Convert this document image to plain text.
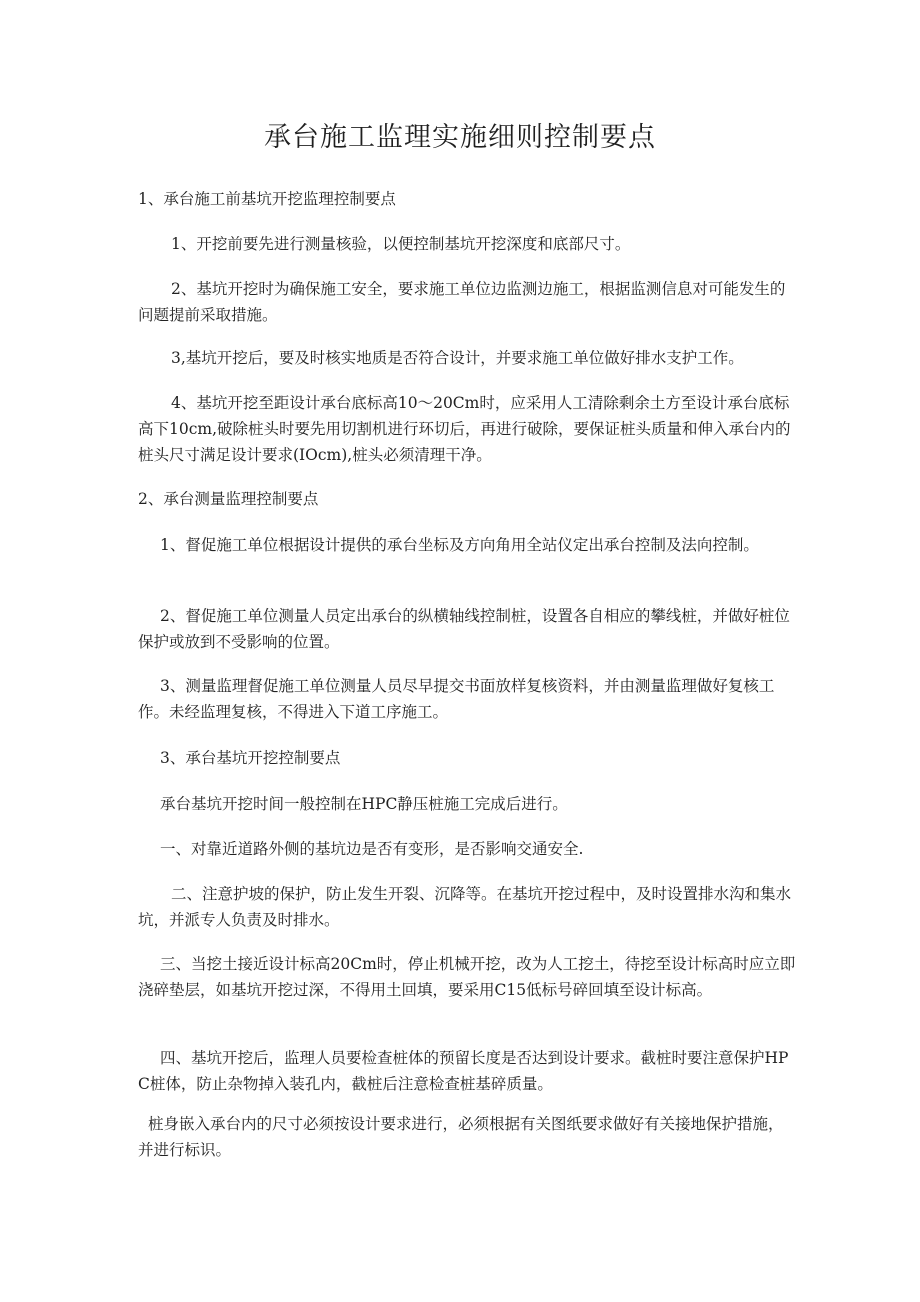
承台施工监理实施细则控制要点

1、承台施工前基坑开挖监理控制要点

1、开挖前要先进行测量核验，以便控制基坑开挖深度和底部尺寸。

2、基坑开挖时为确保施工安全，要求施工单位边监测边施工，根据监测信息对可能发生的问题提前采取措施。

3,基坑开挖后，要及时核实地质是否符合设计，并要求施工单位做好排水支护工作。

4、基坑开挖至距设计承台底标高10～20Cm时，应采用人工清除剩余土方至设计承台底标高下10cm,破除桩头时要先用切割机进行环切后，再进行破除，要保证桩头质量和伸入承台内的桩头尺寸满足设计要求(IOcm),桩头必须清理干净。

2、承台测量监理控制要点

1、督促施工单位根据设计提供的承台坐标及方向角用全站仪定出承台控制及法向控制。

2、督促施工单位测量人员定出承台的纵横轴线控制桩，设置各自相应的攀线桩，并做好桩位保护或放到不受影响的位置。

3、测量监理督促施工单位测量人员尽早提交书面放样复核资料，并由测量监理做好复核工作。未经监理复核，不得进入下道工序施工。

3、承台基坑开挖控制要点

承台基坑开挖时间一般控制在HPC静压桩施工完成后进行。

一、对靠近道路外侧的基坑边是否有变形，是否影响交通安全.

二、注意护坡的保护，防止发生开裂、沉降等。在基坑开挖过程中，及时设置排水沟和集水坑，并派专人负责及时排水。

三、当挖土接近设计标高20Cm时，停止机械开挖，改为人工挖土，待挖至设计标高时应立即浇碎垫层，如基坑开挖过深，不得用土回填，要采用C15低标号碎回填至设计标高。

四、基坑开挖后，监理人员要检查桩体的预留长度是否达到设计要求。截桩时要注意保护HPC桩体，防止杂物掉入装孔内，截桩后注意检查桩基碎质量。

桩身嵌入承台内的尺寸必须按设计要求进行，必须根据有关图纸要求做好有关接地保护措施，并进行标识。
